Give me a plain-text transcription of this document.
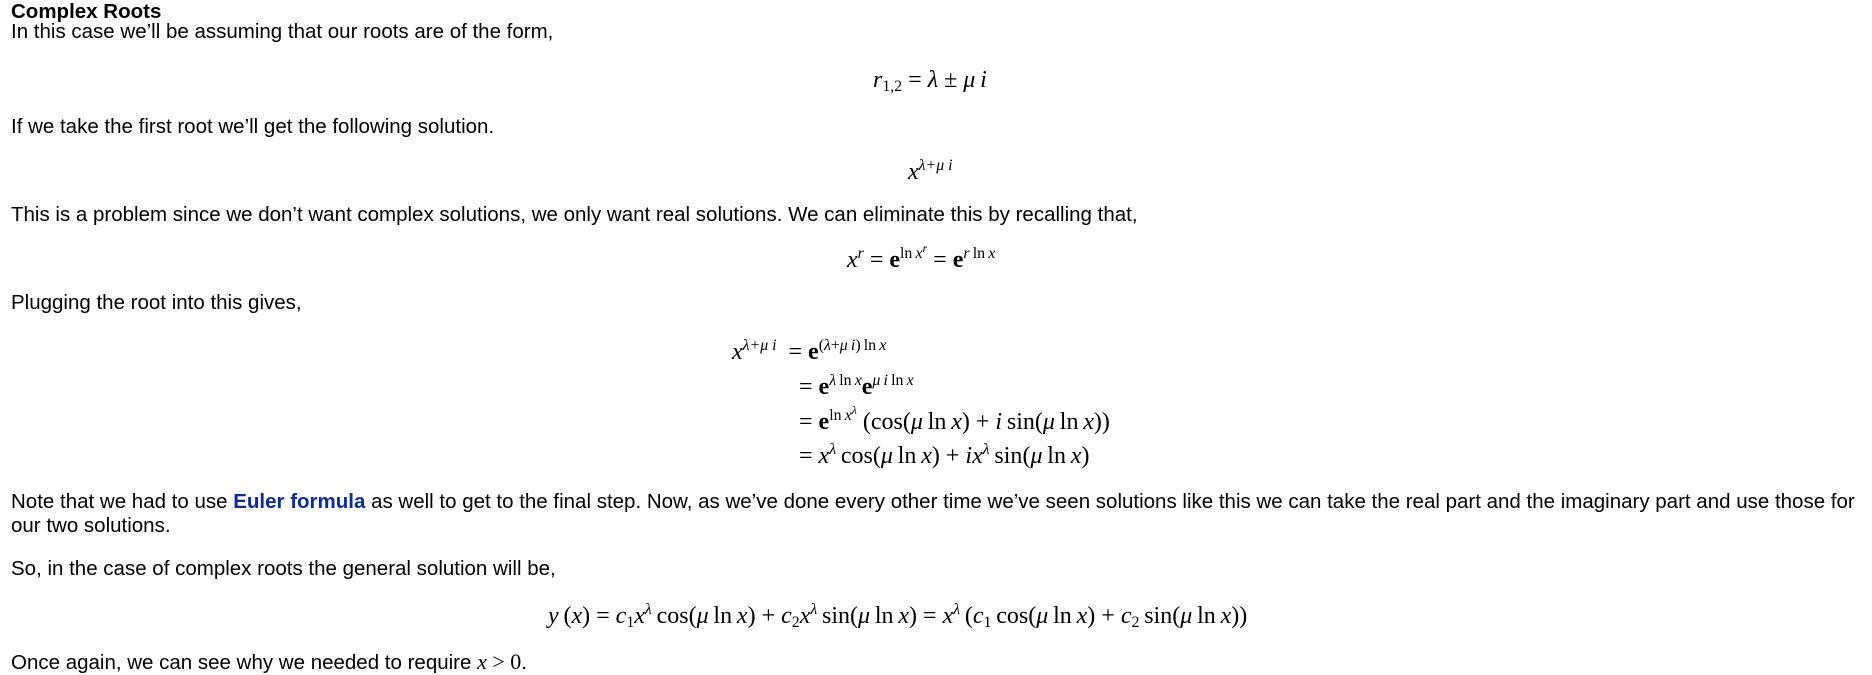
Complex Roots
In this case we’ll be assuming that our roots are of the form,
$r_{1,2} = \lambda \pm \mu$  i
If we take the first root we’ll get the following solution.
$x^{\lambda+\mu i}$
This is a problem since we don’t want complex solutions, we only want real solutions. We can eliminate this by recalling that,
$x^r = e^{ln x^r} = e^{r ln x}$
Plugging the root into this gives,
$x^{\lambda+\mu i} = e^{(\lambda+\mu i) ln x}$
= $e^{\lambda ln x}e^{\mu i ln x}$
= $e^{ln x^\lambda}$ (cos(μ  ln  x) + i  sin(μ  ln  x))
= $x^\lambda$  cos(μ  $\ln x) + ix^\lambda$  sin(μ  ln  x)
Note that we had to use Euler formula as well to get to the final step. Now, as we’ve done every other time we’ve seen solutions like this we can take the real part and the imaginary part and use those for our two solutions.
So, in the case of complex roots the general solution will be,
y $(x) = c_1x^\lambda$  cos(μ  $\ln x) + c_2x^\lambda$  sin(μ  $\ln x) = x^\lambda$ ($c_1$  cos(μ  $\ln x) + c_2$  sin(μ  ln  x))
Once again, we can see why we needed to require x > 0.
